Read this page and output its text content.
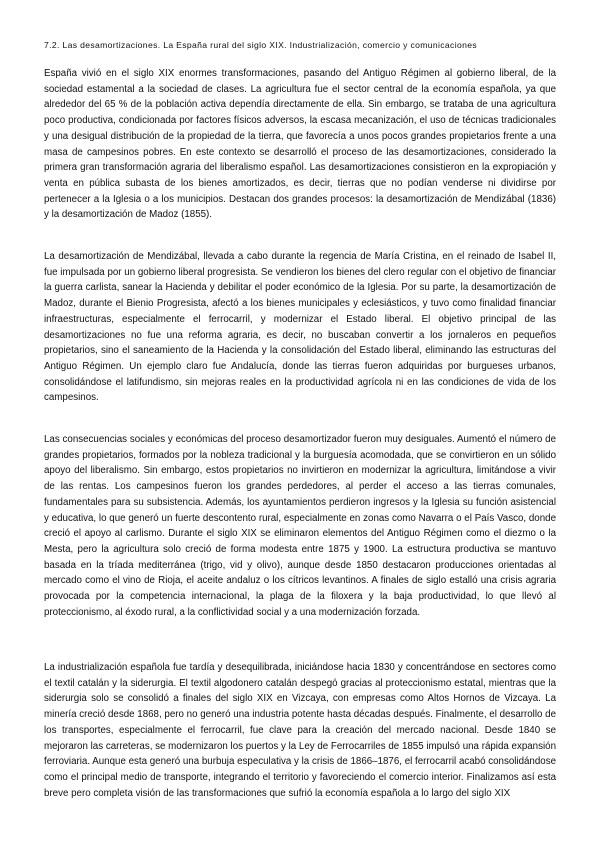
7.2. Las desamortizaciones. La España rural del siglo XIX. Industrialización, comercio y comunicaciones

España vivió en el siglo XIX enormes transformaciones, pasando del Antiguo Régimen al gobierno liberal, de la sociedad estamental a la sociedad de clases. La agricultura fue el sector central de la economía española, ya que alrededor del 65 % de la población activa dependía directamente de ella. Sin embargo, se trataba de una agricultura poco productiva, condicionada por factores físicos adversos, la escasa mecanización, el uso de técnicas tradicionales y una desigual distribución de la propiedad de la tierra, que favorecía a unos pocos grandes propietarios frente a una masa de campesinos pobres. En este contexto se desarrolló el proceso de las desamortizaciones, considerado la primera gran transformación agraria del liberalismo español. Las desamortizaciones consistieron en la expropiación y venta en pública subasta de los bienes amortizados, es decir, tierras que no podían venderse ni dividirse por pertenecer a la Iglesia o a los municipios. Destacan dos grandes procesos: la desamortización de Mendizábal (1836) y la desamortización de Madoz (1855).

La desamortización de Mendizábal, llevada a cabo durante la regencia de María Cristina, en el reinado de Isabel II, fue impulsada por un gobierno liberal progresista. Se vendieron los bienes del clero regular con el objetivo de financiar la guerra carlista, sanear la Hacienda y debilitar el poder económico de la Iglesia. Por su parte, la desamortización de Madoz, durante el Bienio Progresista, afectó a los bienes municipales y eclesiásticos, y tuvo como finalidad financiar infraestructuras, especialmente el ferrocarril, y modernizar el Estado liberal. El objetivo principal de las desamortizaciones no fue una reforma agraria, es decir, no buscaban convertir a los jornaleros en pequeños propietarios, sino el saneamiento de la Hacienda y la consolidación del Estado liberal, eliminando las estructuras del Antiguo Régimen. Un ejemplo claro fue Andalucía, donde las tierras fueron adquiridas por burgueses urbanos, consolidándose el latifundismo, sin mejoras reales en la productividad agrícola ni en las condiciones de vida de los campesinos.

Las consecuencias sociales y económicas del proceso desamortizador fueron muy desiguales. Aumentó el número de grandes propietarios, formados por la nobleza tradicional y la burguesía acomodada, que se convirtieron en un sólido apoyo del liberalismo. Sin embargo, estos propietarios no invirtieron en modernizar la agricultura, limitándose a vivir de las rentas. Los campesinos fueron los grandes perdedores, al perder el acceso a las tierras comunales, fundamentales para su subsistencia. Además, los ayuntamientos perdieron ingresos y la Iglesia su función asistencial y educativa, lo que generó un fuerte descontento rural, especialmente en zonas como Navarra o el País Vasco, donde creció el apoyo al carlismo. Durante el siglo XIX se eliminaron elementos del Antiguo Régimen como el diezmo o la Mesta, pero la agricultura solo creció de forma modesta entre 1875 y 1900. La estructura productiva se mantuvo basada en la tríada mediterránea (trigo, vid y olivo), aunque desde 1850 destacaron producciones orientadas al mercado como el vino de Rioja, el aceite andaluz o los cítricos levantinos. A finales de siglo estalló una crisis agraria provocada por la competencia internacional, la plaga de la filoxera y la baja productividad, lo que llevó al proteccionismo, al éxodo rural, a la conflictividad social y a una modernización forzada.

La industrialización española fue tardía y desequilibrada, iniciándose hacia 1830 y concentrándose en sectores como el textil catalán y la siderurgia. El textil algodonero catalán despegó gracias al proteccionismo estatal, mientras que la siderurgia solo se consolidó a finales del siglo XIX en Vizcaya, con empresas como Altos Hornos de Vizcaya. La minería creció desde 1868, pero no generó una industria potente hasta décadas después. Finalmente, el desarrollo de los transportes, especialmente el ferrocarril, fue clave para la creación del mercado nacional. Desde 1840 se mejoraron las carreteras, se modernizaron los puertos y la Ley de Ferrocarriles de 1855 impulsó una rápida expansión ferroviaria. Aunque esta generó una burbuja especulativa y la crisis de 1866–1876, el ferrocarril acabó consolidándose como el principal medio de transporte, integrando el territorio y favoreciendo el comercio interior. Finalizamos así esta breve pero completa visión de las transformaciones que sufrió la economía española a lo largo del siglo XIX
